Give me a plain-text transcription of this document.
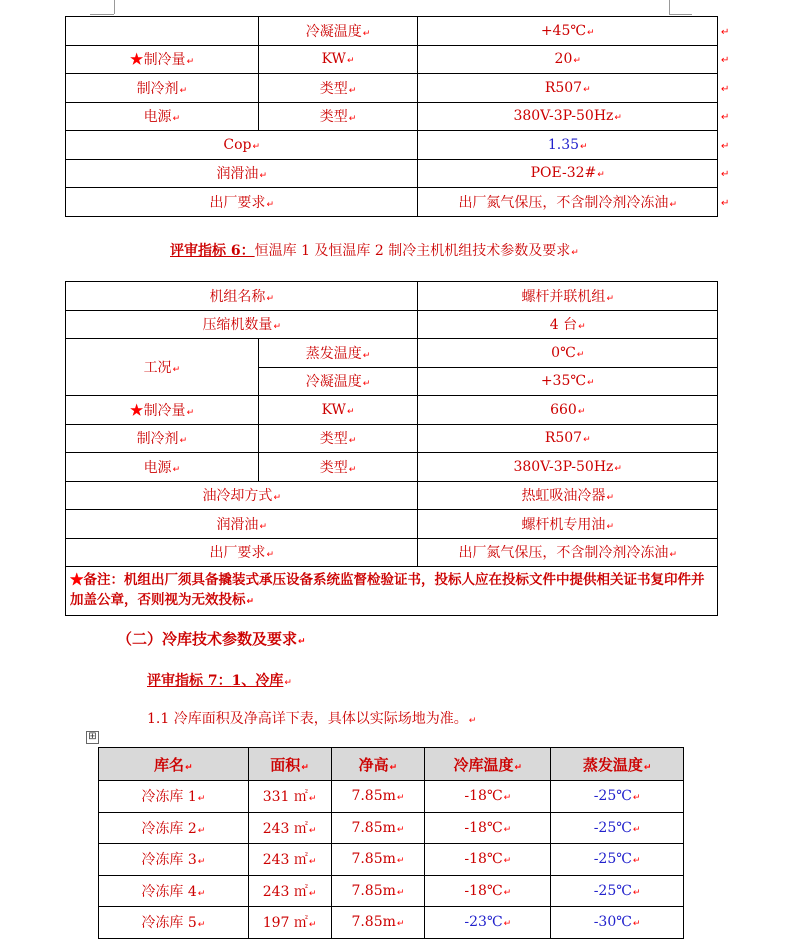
	冷凝温度↵	+45℃↵
★制冷量↵	KW↵	20↵
制冷剂↵	类型↵	R507↵
电源↵	类型↵	380V-3P-50Hz↵
Cop↵		1.35↵
润滑油↵		POE-32#↵
出厂要求↵		出厂氮气保压，不含制冷剂冷冻油↵
↵
↵
↵
↵
↵
↵
↵
评审指标 6：恒温库 1 及恒温库 2 制冷主机机组技术参数及要求↵
机组名称↵		螺杆并联机组↵
压缩机数量↵		4 台↵
工况↵	蒸发温度↵	0℃↵
	冷凝温度↵	+35℃↵
★制冷量↵	KW↵	660↵
制冷剂↵	类型↵	R507↵
电源↵	类型↵	380V-3P-50Hz↵
油冷却方式↵		热虹吸油冷器↵
润滑油↵		螺杆机专用油↵
出厂要求↵		出厂氮气保压，不含制冷剂冷冻油↵
★备注：机组出厂须具备撬装式承压设备系统监督检验证书，投标人应在投标文件中提供相关证书复印件并加盖公章，否则视为无效投标↵		
（二）冷库技术参数及要求↵
评审指标 7：1、冷库↵
1.1 冷库面积及净高详下表，具体以实际场地为准。↵
⊞
库名↵	面积↵	净高↵	冷库温度↵	蒸发温度↵
冷冻库 1↵	331 ㎡↵	7.85m↵	-18℃↵	-25℃↵
冷冻库 2↵	243 ㎡↵	7.85m↵	-18℃↵	-25℃↵
冷冻库 3↵	243 ㎡↵	7.85m↵	-18℃↵	-25℃↵
冷冻库 4↵	243 ㎡↵	7.85m↵	-18℃↵	-25℃↵
冷冻库 5↵	197 ㎡↵	7.85m↵	-23℃↵	-30℃↵
